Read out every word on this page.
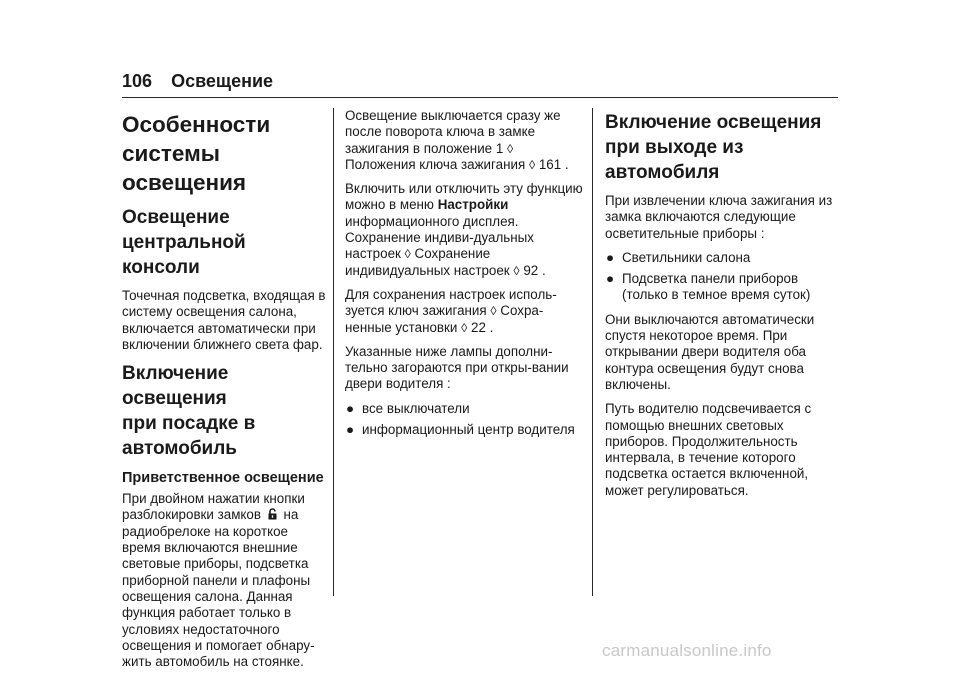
106 Освещение
Особенности
системы освещения
Освещение
центральной консоли

Точечная подсветка, входящая в систему освещения салона, включается автоматически при включении ближнего света фар.

Включение освещения
при посадке в
автомобиль
Приветственное освещение

При двойном нажатии кнопки разблокировки замков на радиобрелоке на короткое время включаются внешние световые приборы, подсветка приборной панели и плафоны освещения салона. Данная функция работает только в условиях недостаточного освещения и помогает обнару-жить автомобиль на стоянке.

Освещение выключается сразу же после поворота ключа в замке зажигания в положение 1 ◊ Положения ключа зажигания ◊ 161 .

Включить или отключить эту функцию можно в меню Настройки информационного дисплея. Сохранение индиви-дуальных настроек ◊ Сохранение индивидуальных настроек ◊ 92 .

Для сохранения настроек исполь-зуется ключ зажигания ◊ Сохра-ненные установки ◊ 22 .

Указанные ниже лампы дополни-тельно загораются при откры-вании двери водителя :

● все выключатели
● информационный центр водителя
Включение освещения
при выходе из
автомобиля

При извлечении ключа зажигания из замка включаются следующие осветительные приборы :

● Светильники салона
● Подсветка панели приборов (только в темное время суток)

Они выключаются автоматически спустя некоторое время. При открывании двери водителя оба контура освещения будут снова включены.

Путь водителю подсвечивается с помощью внешних световых приборов. Продолжительность интервала, в течение которого подсветка остается включенной, может регулироваться.

carmanualsonline.info
